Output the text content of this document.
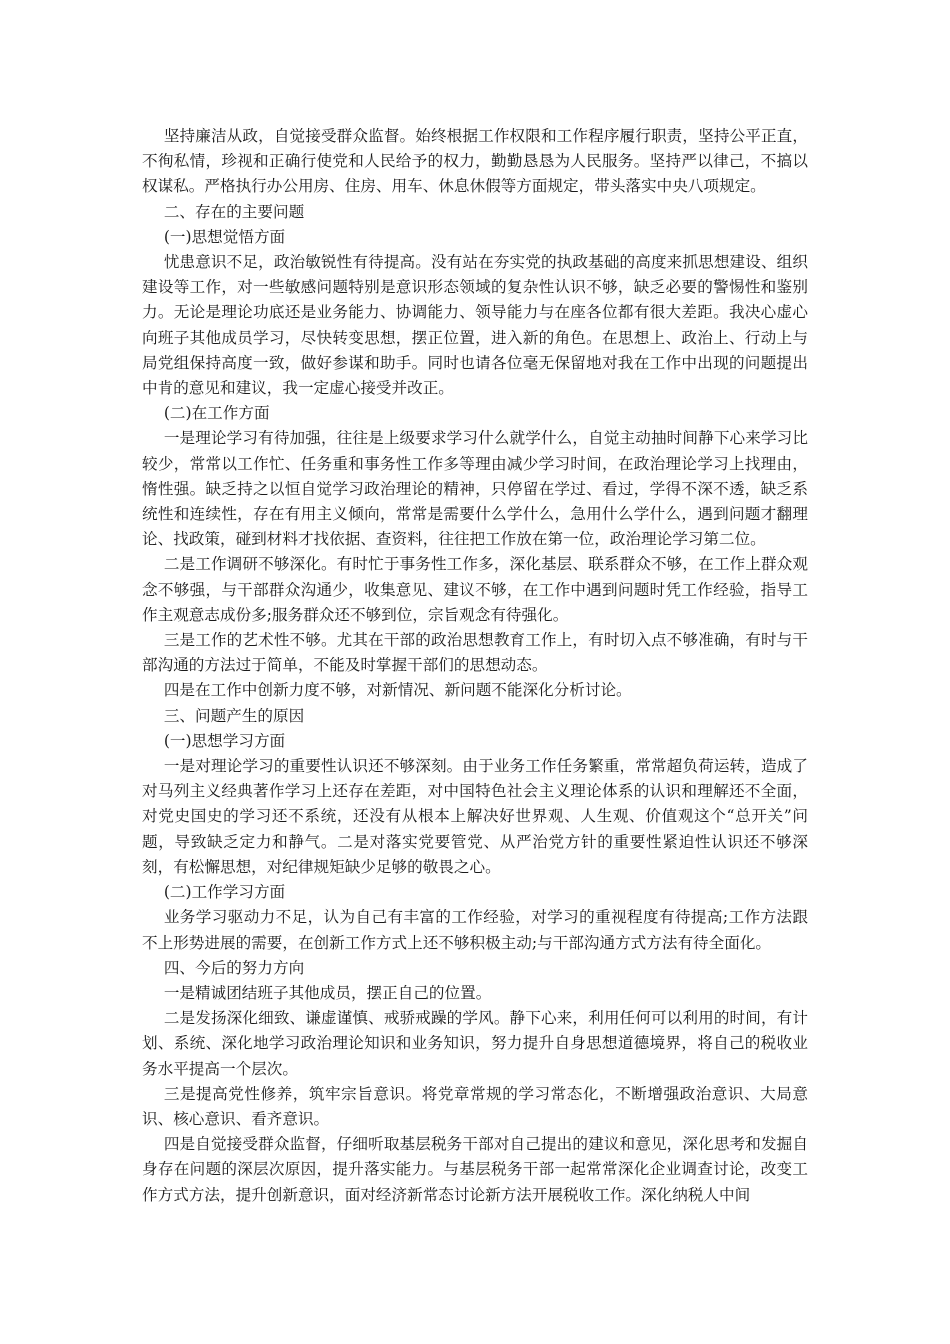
坚持廉洁从政，自觉接受群众监督。始终根据工作权限和工作程序履行职责，坚持公平正直，不徇私情，珍视和正确行使党和人民给予的权力，勤勤恳恳为人民服务。坚持严以律己，不搞以权谋私。严格执行办公用房、住房、用车、休息休假等方面规定，带头落实中央八项规定。

二、存在的主要问题

(一)思想觉悟方面

忧患意识不足，政治敏锐性有待提高。没有站在夯实党的执政基础的高度来抓思想建设、组织建设等工作，对一些敏感问题特别是意识形态领域的复杂性认识不够，缺乏必要的警惕性和鉴别力。无论是理论功底还是业务能力、协调能力、领导能力与在座各位都有很大差距。我决心虚心向班子其他成员学习，尽快转变思想，摆正位置，进入新的角色。在思想上、政治上、行动上与局党组保持高度一致，做好参谋和助手。同时也请各位毫无保留地对我在工作中出现的问题提出中肯的意见和建议，我一定虚心接受并改正。

(二)在工作方面

一是理论学习有待加强，往往是上级要求学习什么就学什么，自觉主动抽时间静下心来学习比较少，常常以工作忙、任务重和事务性工作多等理由减少学习时间，在政治理论学习上找理由，惰性强。缺乏持之以恒自觉学习政治理论的精神，只停留在学过、看过，学得不深不透，缺乏系统性和连续性，存在有用主义倾向，常常是需要什么学什么，急用什么学什么，遇到问题才翻理论、找政策，碰到材料才找依据、查资料，往往把工作放在第一位，政治理论学习第二位。

二是工作调研不够深化。有时忙于事务性工作多，深化基层、联系群众不够，在工作上群众观念不够强，与干部群众沟通少，收集意见、建议不够，在工作中遇到问题时凭工作经验，指导工作主观意志成份多;服务群众还不够到位，宗旨观念有待强化。

三是工作的艺术性不够。尤其在干部的政治思想教育工作上，有时切入点不够准确，有时与干部沟通的方法过于简单，不能及时掌握干部们的思想动态。

四是在工作中创新力度不够，对新情况、新问题不能深化分析讨论。

三、问题产生的原因

(一)思想学习方面

一是对理论学习的重要性认识还不够深刻。由于业务工作任务繁重，常常超负荷运转，造成了对马列主义经典著作学习上还存在差距，对中国特色社会主义理论体系的认识和理解还不全面，对党史国史的学习还不系统，还没有从根本上解决好世界观、人生观、价值观这个“总开关”问题，导致缺乏定力和静气。二是对落实党要管党、从严治党方针的重要性紧迫性认识还不够深刻，有松懈思想，对纪律规矩缺少足够的敬畏之心。

(二)工作学习方面

业务学习驱动力不足，认为自己有丰富的工作经验，对学习的重视程度有待提高;工作方法跟不上形势进展的需要，在创新工作方式上还不够积极主动;与干部沟通方式方法有待全面化。

四、今后的努力方向

一是精诚团结班子其他成员，摆正自己的位置。

二是发扬深化细致、谦虚谨慎、戒骄戒躁的学风。静下心来，利用任何可以利用的时间，有计划、系统、深化地学习政治理论知识和业务知识，努力提升自身思想道德境界，将自己的税收业务水平提高一个层次。

三是提高党性修养，筑牢宗旨意识。将党章常规的学习常态化，不断增强政治意识、大局意识、核心意识、看齐意识。

四是自觉接受群众监督，仔细听取基层税务干部对自己提出的建议和意见，深化思考和发掘自身存在问题的深层次原因，提升落实能力。与基层税务干部一起常常深化企业调查讨论，改变工作方式方法，提升创新意识，面对经济新常态讨论新方法开展税收工作。深化纳税人中间
